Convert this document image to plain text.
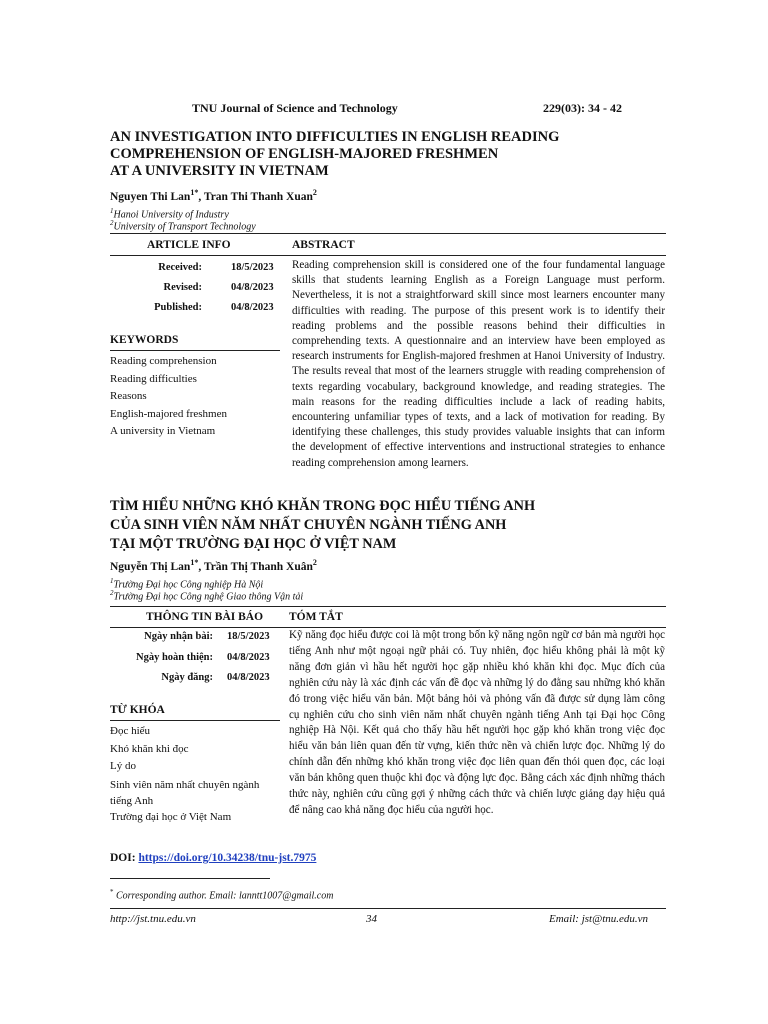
TNU Journal of Science and Technology	229(03): 34 - 42
AN INVESTIGATION INTO DIFFICULTIES IN ENGLISH READING
COMPREHENSION OF ENGLISH-MAJORED FRESHMEN
AT A UNIVERSITY IN VIETNAM
Nguyen Thi Lan$^{1*}$, Tran Thi Thanh Xuan$^2$
$^1$Hanoi University of Industry
$^2$University of Transport Technology
ARTICLE INFO	ABSTRACT
Received:	18/5/2023
Revised:	04/8/2023
Published:	04/8/2023
KEYWORDS
Reading comprehension
Reading difficulties
Reasons
English-majored freshmen
A university in Vietnam
Reading comprehension skill is considered one of the four fundamental language skills that students learning English as a Foreign Language must perform. Nevertheless, it is not a straightforward skill since most learners encounter many difficulties with reading. The purpose of this present work is to identify their reading problems and the possible reasons behind their difficulties in comprehending texts. A questionnaire and an interview have been employed as research instruments for English-majored freshmen at Hanoi University of Industry. The results reveal that most of the learners struggle with reading comprehension of texts regarding vocabulary, background knowledge, and reading strategies. The main reasons for the reading difficulties include a lack of reading habits, encountering unfamiliar types of texts, and a lack of motivation for reading. By identifying these challenges, this study provides valuable insights that can inform the development of effective interventions and instructional strategies to enhance reading comprehension among learners.
TÌM HIỂU NHỮNG KHÓ KHĂN TRONG ĐỌC HIỂU TIẾNG ANH
CỦA SINH VIÊN NĂM NHẤT CHUYÊN NGÀNH TIẾNG ANH
TẠI MỘT TRƯỜNG ĐẠI HỌC Ở VIỆT NAM
Nguyễn Thị Lan$^{1*}$, Trần Thị Thanh Xuân$^2$
$^1$Trường Đại học Công nghiệp Hà Nội
$^2$Trường Đại học Công nghệ Giao thông Vận tải
THÔNG TIN BÀI BÁO TÓM TẮT
Ngày nhận bài: 18/5/2023
Ngày hoàn thiện: 04/8/2023
Ngày đăng: 04/8/2023
TỪ KHÓA
Đọc hiểu
Khó khăn khi đọc
Lý do
Sinh viên năm nhất chuyên ngành tiếng Anh
Trường đại học ở Việt Nam
Kỹ năng đọc hiểu được coi là một trong bốn kỹ năng ngôn ngữ cơ bản mà người học tiếng Anh như một ngoại ngữ phải có. Tuy nhiên, đọc hiểu không phải là một kỹ năng đơn giản vì hầu hết người học gặp nhiều khó khăn khi đọc. Mục đích của nghiên cứu này là xác định các vấn đề đọc và những lý do đằng sau những khó khăn đó trong việc hiểu văn bản. Một bảng hỏi và phỏng vấn đã được sử dụng làm công cụ nghiên cứu cho sinh viên năm nhất chuyên ngành tiếng Anh tại Đại học Công nghiệp Hà Nội. Kết quả cho thấy hầu hết người học gặp khó khăn trong việc đọc hiểu văn bản liên quan đến từ vựng, kiến thức nền và chiến lược đọc. Những lý do chính dẫn đến những khó khăn trong việc đọc liên quan đến thói quen đọc, các loại văn bản không quen thuộc khi đọc và động lực đọc. Bằng cách xác định những thách thức này, nghiên cứu cũng gợi ý những cách thức và chiến lược giảng dạy hiệu quả để nâng cao khả năng đọc hiểu của người học.
DOI: https://doi.org/10.34238/tnu-jst.7975
* Corresponding author. Email: lanntt1007@gmail.com
http://jst.tnu.edu.vn	34	Email: jst@tnu.edu.vn
